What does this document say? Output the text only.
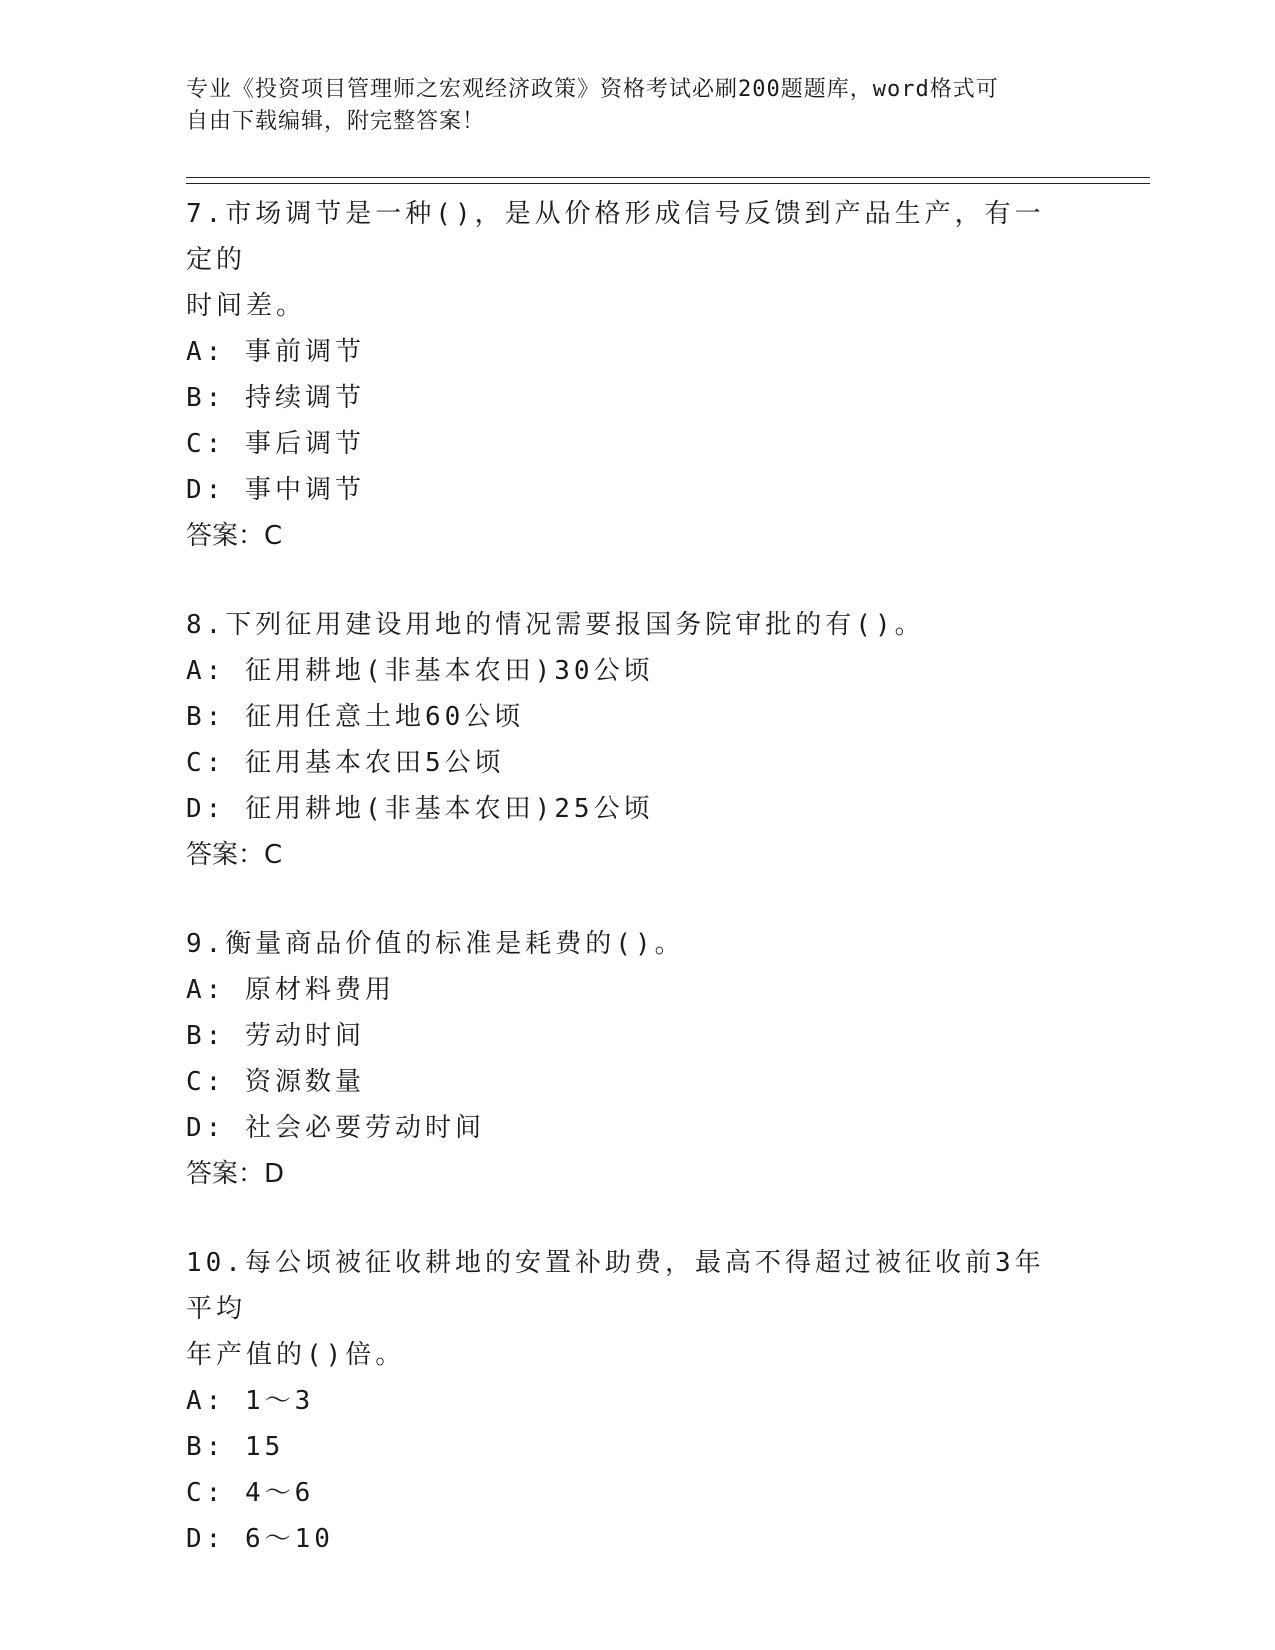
专业《投资项目管理师之宏观经济政策》资格考试必刷200题题库，word格式可
自由下载编辑，附完整答案！

7.市场调节是一种()，是从价格形成信号反馈到产品生产，有一定的
时间差。

A: 事前调节

B: 持续调节

C: 事后调节

D: 事中调节

答案：C

8.下列征用建设用地的情况需要报国务院审批的有()。

A: 征用耕地(非基本农田)30公顷

B: 征用任意土地60公顷

C: 征用基本农田5公顷

D: 征用耕地(非基本农田)25公顷

答案：C

9.衡量商品价值的标准是耗费的()。

A: 原材料费用

B: 劳动时间

C: 资源数量

D: 社会必要劳动时间

答案：D

10.每公顷被征收耕地的安置补助费，最高不得超过被征收前3年平均
年产值的()倍。

A: 1～3

B: 15

C: 4～6

D: 6～10
